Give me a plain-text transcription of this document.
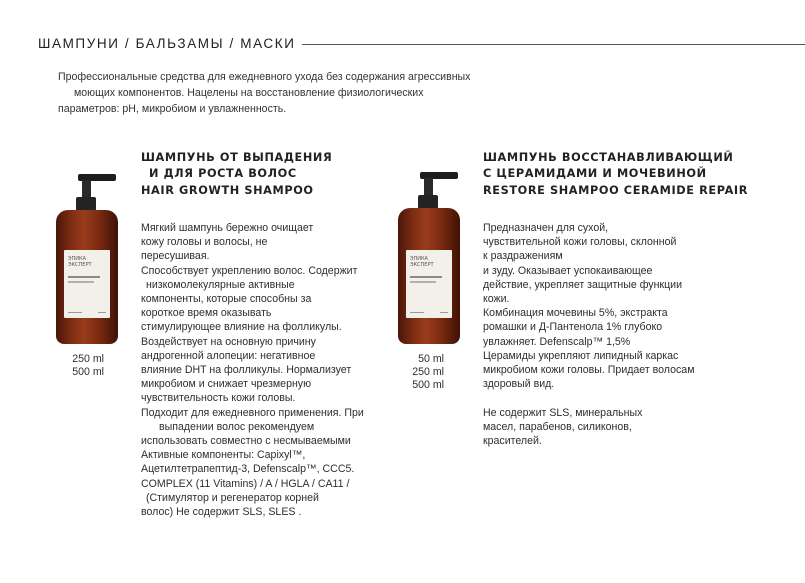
ШАМПУНИ / БАЛЬЗАМЫ / МАСКИ

Профессиональные средства для ежедневного ухода без содержания агрессивных

моющих компонентов. Нацелены на восстановление физиологических

параметров: pH, микробиом и увлажненность.

ЭПИКА ЭКСПЕРТ
250 ml
500 ml
ШАМПУНЬ ОТ ВЫПАДЕНИЯ
И ДЛЯ РОСТА ВОЛОС
HAIR GROWTH SHAMPOO

Мягкий шампунь бережно очищает

кожу головы и волосы, не

пересушивая.

Способствует укреплению волос. Содержит

низкомолекулярные активные

компоненты, которые способны за

короткое время оказывать

стимулирующее влияние на фолликулы.

Воздействует на основную причину

андрогенной алопеции: негативное

влияние DHT на фолликулы. Нормализует

микробиом и снижает чрезмерную

чувствительность кожи головы.

Подходит для ежедневного применения. При

выпадении волос рекомендуем

использовать совместно с несмываемыми

Активные компоненты: Capixyl™,

Ацетилтетрапептид-3, Defenscalp™, ССС5.

COMPLEX (11 Vitamins) / A / HGLA / CA11 /

(Стимулятор и регенератор корней

волос) Не содержит SLS, SLES .

ЭПИКА ЭКСПЕРТ
50 ml
250 ml
500 ml
ШАМПУНЬ ВОССТАНАВЛИВАЮЩИЙ
С ЦЕРАМИДАМИ И МОЧЕВИНОЙ
RESTORE SHAMPOO CERAMIDE REPAIR

Предназначен для сухой,

чувствительной кожи головы, склонной

к раздражениям

и зуду. Оказывает успокаивающее

действие, укрепляет защитные функции

кожи.

Комбинация мочевины 5%, экстракта

ромашки и Д-Пантенола 1% глубоко

увлажняет. Defenscalp™ 1,5%

Церамиды укрепляют липидный каркас

микробиом кожи головы. Придает волосам

здоровый вид.

Не содержит SLS, минеральных

масел, парабенов, силиконов,

красителей.
